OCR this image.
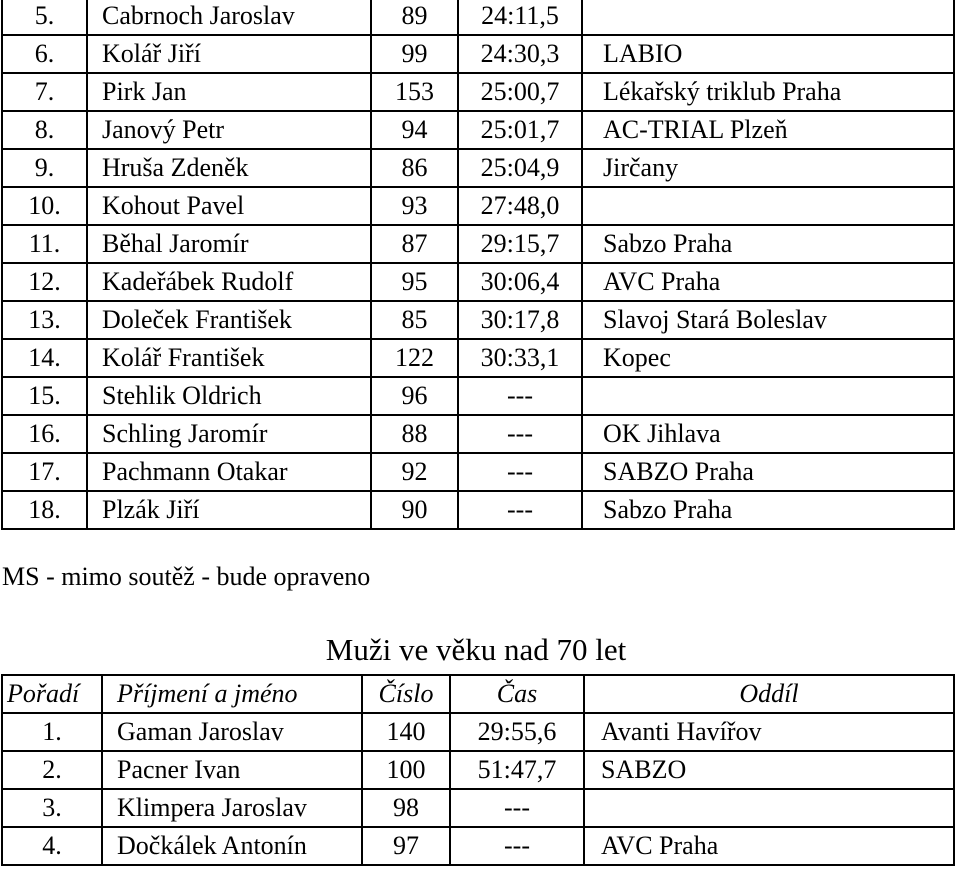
5.	Cabrnoch Jaroslav	89	24:11,5	
6.	Kolář Jiří	99	24:30,3	LABIO
7.	Pirk Jan	153	25:00,7	Lékařský triklub Praha
8.	Janový Petr	94	25:01,7	AC-TRIAL Plzeň
9.	Hruša Zdeněk	86	25:04,9	Jirčany
10.	Kohout Pavel	93	27:48,0	
11.	Běhal Jaromír	87	29:15,7	Sabzo Praha
12.	Kadeřábek Rudolf	95	30:06,4	AVC Praha
13.	Doleček František	85	30:17,8	Slavoj Stará Boleslav
14.	Kolář František	122	30:33,1	Kopec
15.	Stehlik Oldrich	96	---	
16.	Schling Jaromír	88	---	OK Jihlava
17.	Pachmann Otakar	92	---	SABZO Praha
18.	Plzák Jiří	90	---	Sabzo Praha
MS - mimo soutěž - bude opraveno
Muži ve věku nad 70 let
Pořadí	Příjmení a jméno	Číslo	Čas	Oddíl
1.	Gaman Jaroslav	140	29:55,6	Avanti Havířov
2.	Pacner Ivan	100	51:47,7	SABZO
3.	Klimpera Jaroslav	98	---	
4.	Dočkálek Antonín	97	---	AVC Praha
